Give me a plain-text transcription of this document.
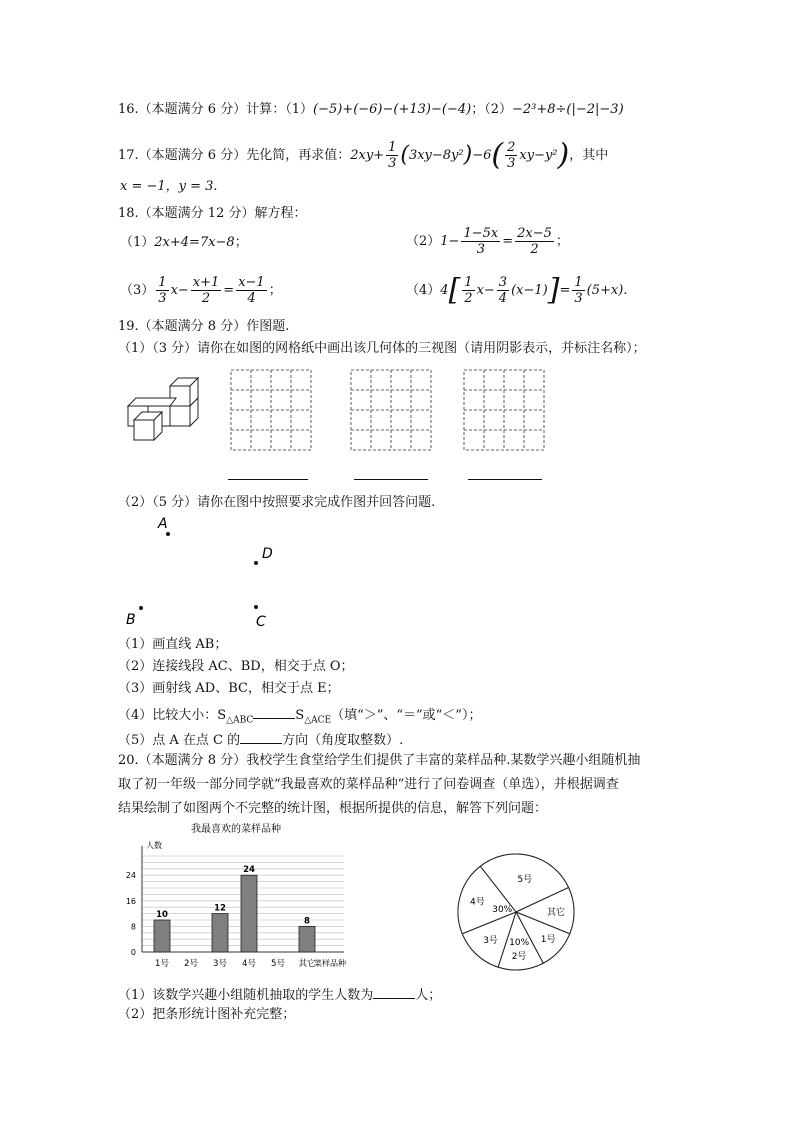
16.（本题满分 6 分）计算：（1）(−5)+(−6)−(+13)−(−4)；（2）−2³+8÷(|−2|−3)
17.（本题满分 6 分）先化简，再求值：$2xy+ \frac{1}{3} (3xy-8y^2)-6( \frac{2}{3} xy-y^2)$，其中
x = −1，y = 3.
18.（本题满分 12 分）解方程：
（1）2x+4=7x−8；	$(2)1- \frac{1-5x}{3} = \frac{2x-5}{2}$ ；
$(3) \frac{1}{3} x- \frac{x+1}{2} = \frac{x-1}{4}$ ；	$(4)4[ \frac{1}{2} x- \frac{3}{4} (x-1)]= \frac{1}{3} (5+x)$.
19.（本题满分 8 分）作图题.
（1）（3 分）请你在如图的网格纸中画出该几何体的三视图（请用阴影表示，并标注名称）；
（2）（5 分）请你在图中按照要求完成作图并回答问题.
A
D
B	C
（1）画直线 AB；
（2）连接线段 AC、BD，相交于点 O；
（3）画射线 AD、BC，相交于点 E；
（4）比较大小：$S_{\triangle ABC}$	$S_{\triangle ACE}$（填“＞”、“＝”或“＜”）；
（5）点 A 在点 C 的	方向（角度取整数）.
20.（本题满分 8 分）我校学生食堂给学生们提供了丰富的菜样品种.某数学兴趣小组随机抽
取了初一年级一部分同学就“我最喜欢的菜样品种”进行了问卷调查（单选），并根据调查
结果绘制了如图两个不完整的统计图，根据所提供的信息，解答下列问题：
我最喜欢的菜样品种
人数
0
8
16
24
1号
10
2号 3号
12
4号
24
5号 其它
8
菜样品种
5号
其它
1号
2号
3号
4号
10%
30%
（1）该数学兴趣小组随机抽取的学生人数为	人；
（2）把条形统计图补充完整；
